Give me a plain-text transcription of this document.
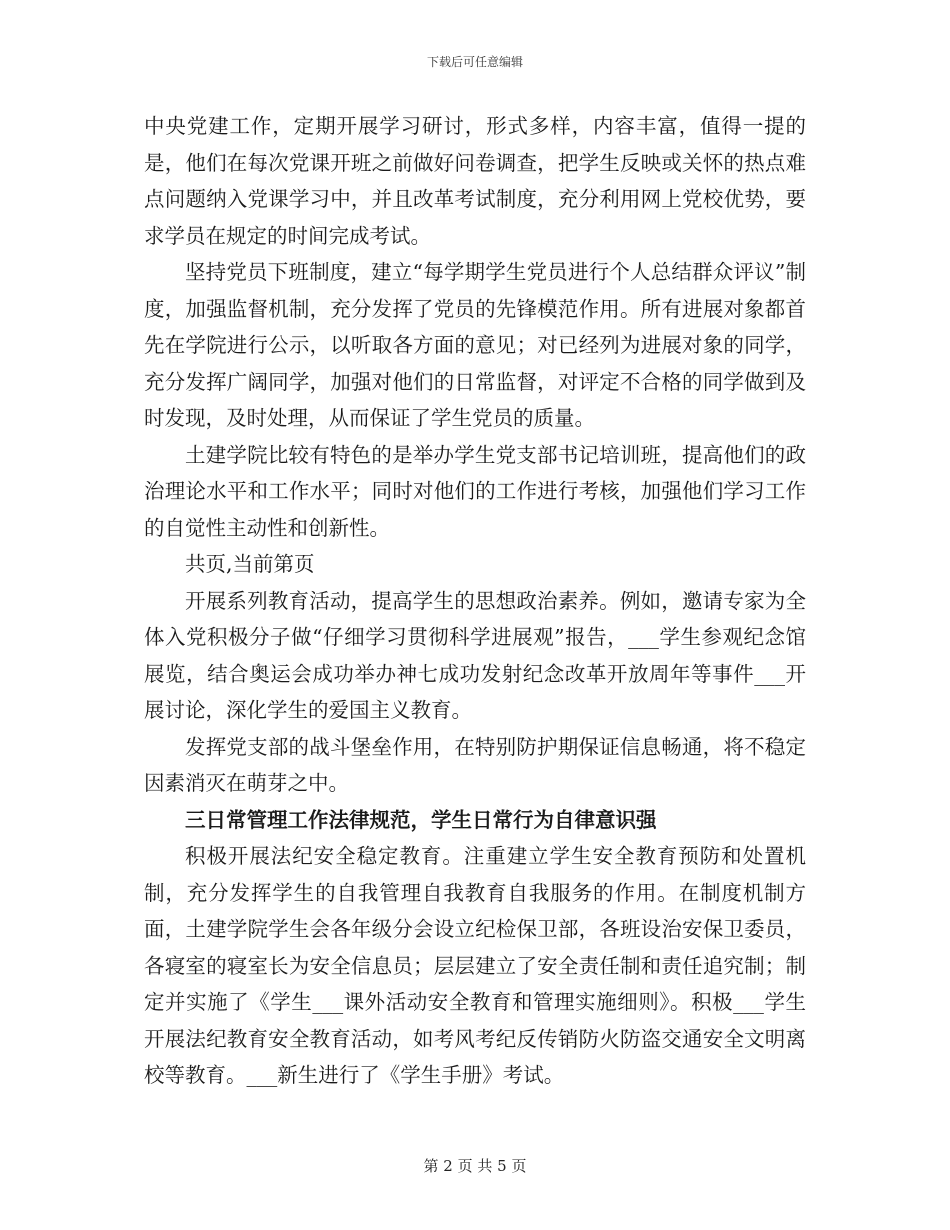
下载后可任意编辑

中央党建工作，定期开展学习研讨，形式多样，内容丰富，值得一提的是，他们在每次党课开班之前做好问卷调查，把学生反映或关怀的热点难点问题纳入党课学习中，并且改革考试制度，充分利用网上党校优势，要求学员在规定的时间完成考试。

坚持党员下班制度，建立“每学期学生党员进行个人总结群众评议”制度，加强监督机制，充分发挥了党员的先锋模范作用。所有进展对象都首先在学院进行公示，以听取各方面的意见；对已经列为进展对象的同学，充分发挥广阔同学，加强对他们的日常监督，对评定不合格的同学做到及时发现，及时处理，从而保证了学生党员的质量。

土建学院比较有特色的是举办学生党支部书记培训班，提高他们的政治理论水平和工作水平；同时对他们的工作进行考核，加强他们学习工作的自觉性主动性和创新性。

共页,当前第页

开展系列教育活动，提高学生的思想政治素养。例如，邀请专家为全体入党积极分子做“仔细学习贯彻科学进展观”报告，___学生参观纪念馆展览，结合奥运会成功举办神七成功发射纪念改革开放周年等事件___开展讨论，深化学生的爱国主义教育。

发挥党支部的战斗堡垒作用，在特别防护期保证信息畅通，将不稳定因素消灭在萌芽之中。

三日常管理工作法律规范，学生日常行为自律意识强

积极开展法纪安全稳定教育。注重建立学生安全教育预防和处置机制，充分发挥学生的自我管理自我教育自我服务的作用。在制度机制方面，土建学院学生会各年级分会设立纪检保卫部，各班设治安保卫委员，各寝室的寝室长为安全信息员；层层建立了安全责任制和责任追究制；制定并实施了《学生___课外活动安全教育和管理实施细则》。积极___学生开展法纪教育安全教育活动，如考风考纪反传销防火防盗交通安全文明离校等教育。___新生进行了《学生手册》考试。

第 2 页 共 5 页
